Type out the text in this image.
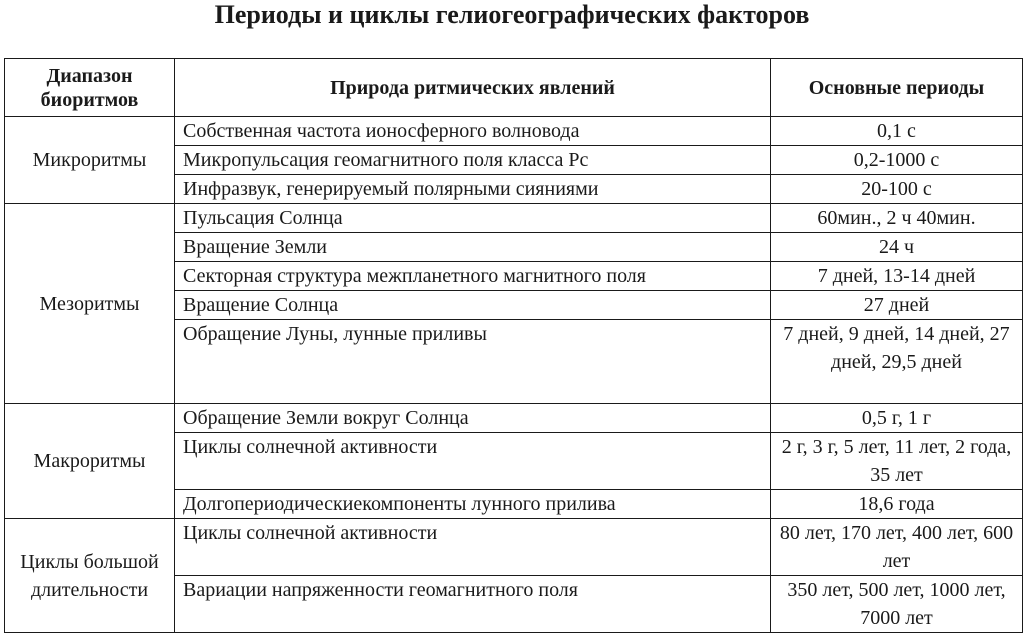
Периоды и циклы гелиогеографических факторов
Диапазон биоритмов	Природа ритмических явлений	Основные периоды
Микроритмы	Собственная частота ионосферного волновода	0,1 с
	Микропульсация геомагнитного поля класса Pc	0,2-1000 с
	Инфразвук, генерируемый полярными сияниями	20-100 с
Мезоритмы	Пульсация Солнца	60мин., 2 ч 40мин.
	Вращение Земли	24 ч
	Секторная структура межпланетного магнитного поля	7 дней, 13-14 дней
	Вращение Солнца	27 дней
	Обращение Луны, лунные приливы	7 дней, 9 дней, 14 дней, 27 дней, 29,5 дней
Макроритмы	Обращение Земли вокруг Солнца	0,5 г, 1 г
	Циклы солнечной активности	2 г, 3 г, 5 лет, 11 лет, 2 года, 35 лет
	Долгопериодическиекомпоненты лунного прилива	18,6 года
Циклы большой длительности	Циклы солнечной активности	80 лет, 170 лет, 400 лет, 600 лет
	Вариации напряженности геомагнитного поля	350 лет, 500 лет, 1000 лет, 7000 лет
